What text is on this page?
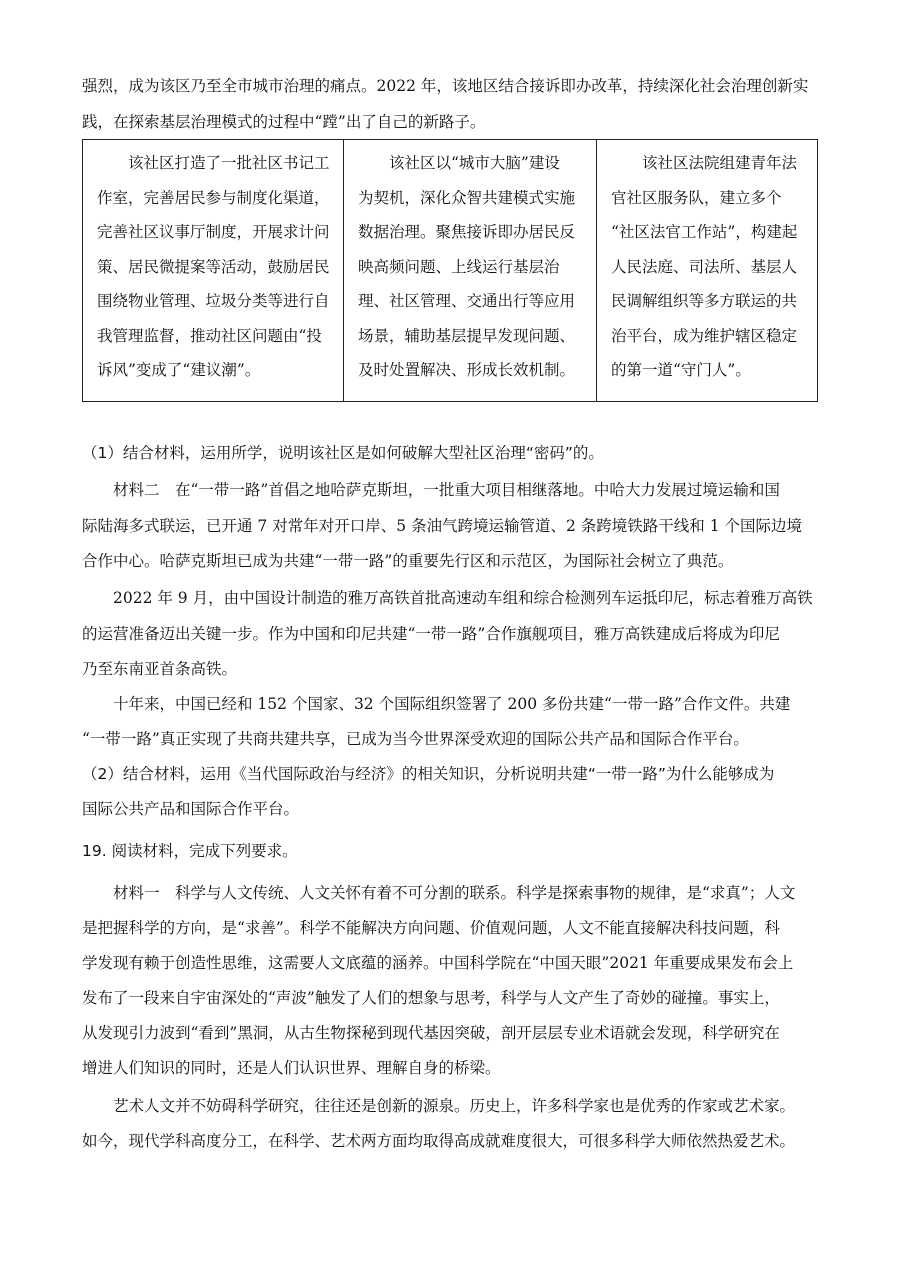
强烈，成为该区乃至全市城市治理的痛点。2022 年，该地区结合接诉即办改革，持续深化社会治理创新实
践，在探索基层治理模式的过程中“蹚”出了自己的新路子。
　　该社区打造了一批社区书记工
作室，完善居民参与制度化渠道，
完善社区议事厅制度，开展求计问
策、居民微提案等活动，鼓励居民
围绕物业管理、垃圾分类等进行自
我管理监督，推动社区问题由“投
诉风”变成了“建议潮”。

　　该社区以“城市大脑”建设
为契机，深化众智共建模式实施
数据治理。聚焦接诉即办居民反
映高频问题、上线运行基层治
理、社区管理、交通出行等应用
场景，辅助基层提早发现问题、
及时处置解决、形成长效机制。

　　该社区法院组建青年法
官社区服务队，建立多个
“社区法官工作站”，构建起
人民法庭、司法所、基层人
民调解组织等多方联运的共
治平台，成为维护辖区稳定
的第一道“守门人”。
（1）结合材料，运用所学，说明该社区是如何破解大型社区治理“密码”的。
　　材料二　在“一带一路”首倡之地哈萨克斯坦，一批重大项目相继落地。中哈大力发展过境运输和国
际陆海多式联运，已开通 7 对常年对开口岸、5 条油气跨境运输管道、2 条跨境铁路干线和 1 个国际边境
合作中心。哈萨克斯坦已成为共建“一带一路”的重要先行区和示范区，为国际社会树立了典范。
　　2022 年 9 月，由中国设计制造的雅万高铁首批高速动车组和综合检测列车运抵印尼，标志着雅万高铁
的运营准备迈出关键一步。作为中国和印尼共建“一带一路”合作旗舰项目，雅万高铁建成后将成为印尼
乃至东南亚首条高铁。
　　十年来，中国已经和 152 个国家、32 个国际组织签署了 200 多份共建“一带一路”合作文件。共建
“一带一路”真正实现了共商共建共享，已成为当今世界深受欢迎的国际公共产品和国际合作平台。
（2）结合材料，运用《当代国际政治与经济》的相关知识，分析说明共建“一带一路”为什么能够成为
国际公共产品和国际合作平台。
19. 阅读材料，完成下列要求。
　　材料一　科学与人文传统、人文关怀有着不可分割的联系。科学是探索事物的规律，是“求真”；人文
是把握科学的方向，是“求善”。科学不能解决方向问题、价值观问题，人文不能直接解决科技问题，科
学发现有赖于创造性思维，这需要人文底蕴的涵养。中国科学院在“中国天眼”2021 年重要成果发布会上
发布了一段来自宇宙深处的“声波”触发了人们的想象与思考，科学与人文产生了奇妙的碰撞。事实上，
从发现引力波到“看到”黑洞，从古生物探秘到现代基因突破，剖开层层专业术语就会发现，科学研究在
增进人们知识的同时，还是人们认识世界、理解自身的桥梁。
　　艺术人文并不妨碍科学研究，往往还是创新的源泉。历史上，许多科学家也是优秀的作家或艺术家。
如今，现代学科高度分工，在科学、艺术两方面均取得高成就难度很大，可很多科学大师依然热爱艺术。
